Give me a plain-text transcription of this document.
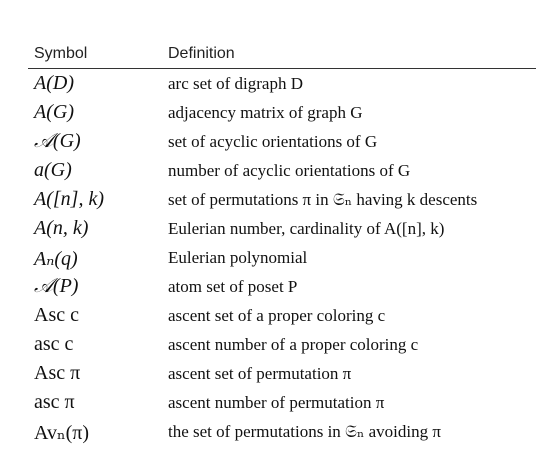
Symbol	Definition
A(D)	arc set of digraph D
A(G)	adjacency matrix of graph G
𝒜(G)	set of acyclic orientations of G
a(G)	number of acyclic orientations of G
A([n], k)	set of permutations π in 𝔖ₙ having k descents
A(n, k)	Eulerian number, cardinality of A([n], k)
Aₙ(q)	Eulerian polynomial
𝒜(P)	atom set of poset P
Asc c	ascent set of a proper coloring c
asc c	ascent number of a proper coloring c
Asc π	ascent set of permutation π
asc π	ascent number of permutation π
Avₙ(π)	the set of permutations in 𝔖ₙ avoiding π
